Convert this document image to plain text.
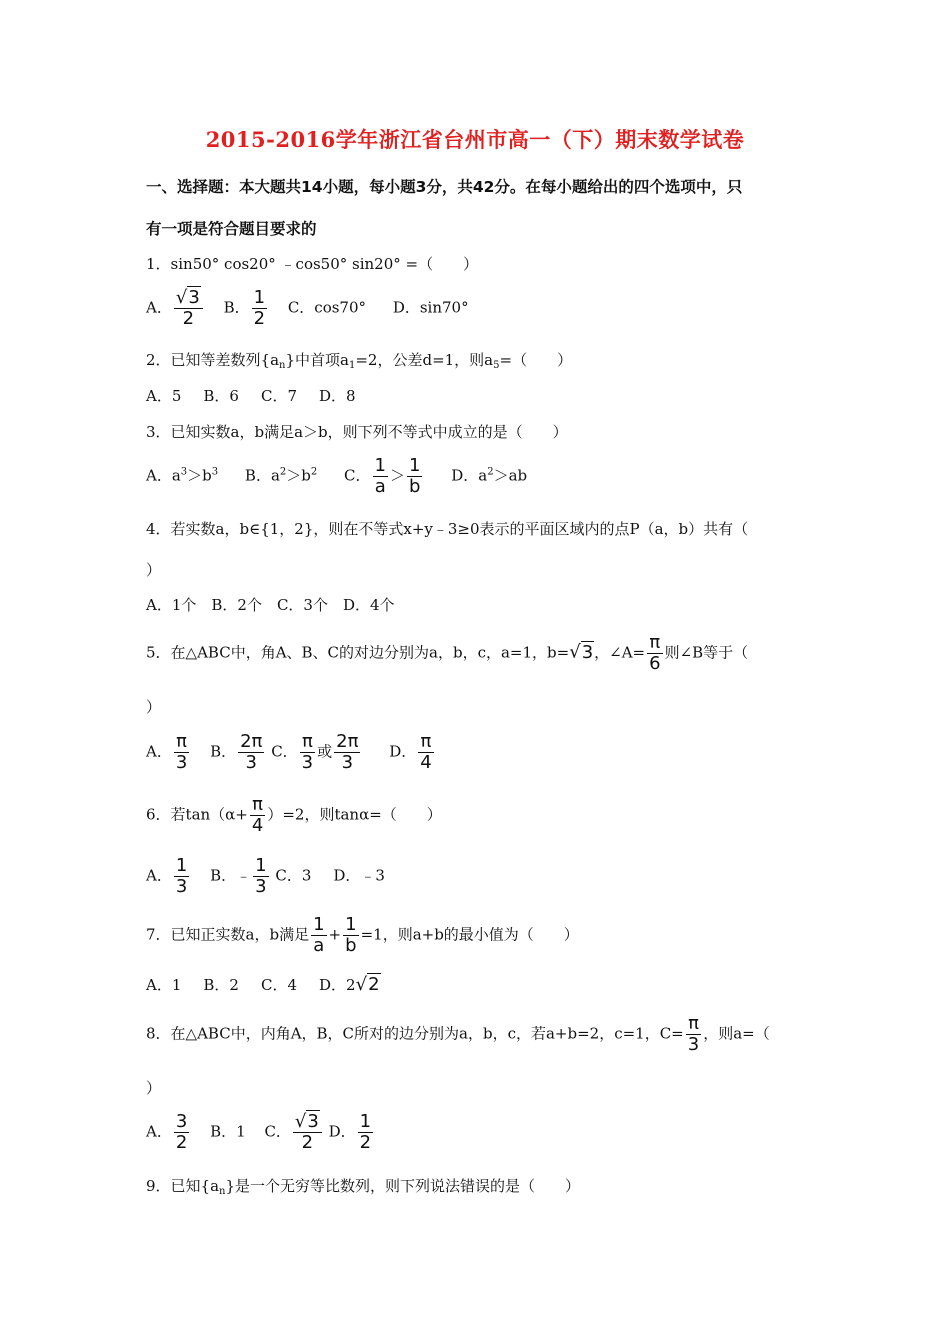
2015-2016学年浙江省台州市高一（下）期末数学试卷
一、选择题：本大题共14小题，每小题3分，共42分。在每小题给出的四个选项中，只
有一项是符合题目要求的
1．sin50° cos20° ﹣cos50° sin20° =（　　）
A． $\frac{√3}{2}$ B． $\frac{1}{2}$ C．cos70° D．sin70°
2．已知等差数列$\{a_n\}$中首项$a_1=2$，公差d=1，则$a_5=$（　　）
A．5 B．6 C．7 D．8
3．已知实数a，b满足a＞b，则下列不等式中成立的是（　　）
A．$a^3>b^3$ B．$a^2>b^2$ C． $\frac{1}{a} > \frac{1}{b}$ D．$a^2>ab$
4．若实数a，b∈{1，2}，则在不等式x+y﹣3≥0表示的平面区域内的点P（a，b）共有（
）
A．1个　B．2个　C．3个　D．4个
5．在△ABC中，角A、B、C的对边分别为a，b，c，a=1，b=√3，∠A= $\frac{\pi}{6}$ 则∠B等于（
）
A． $\frac{\pi}{3}$ B． $\frac{2\pi}{3}$ C． $\frac{\pi}{3}$ 或 $\frac{2\pi}{3}$ D． $\frac{\pi}{4}$
6．若$\tan(\alpha+ \frac{\pi}{4} )=2$，则tanα=（　　）
A． $\frac{1}{3}$ B．﹣ $\frac{1}{3}$ C．3 D．﹣3
7．已知正实数a，b满足 $\frac{1}{a} + \frac{1}{b} =1$，则a+b的最小值为（　　）
A．1 B．2 C．4 D．2√2
8．在△ABC中，内角A，B，C所对的边分别为a，b，c，若a+b=2，c=1，$C= \frac{\pi}{3}$ ，则a=（
）
A． $\frac{3}{2}$ B．1 C． $\frac{√3}{2}$ D． $\frac{1}{2}$
9．已知$\{a_n\}$是一个无穷等比数列，则下列说法错误的是（　　）
